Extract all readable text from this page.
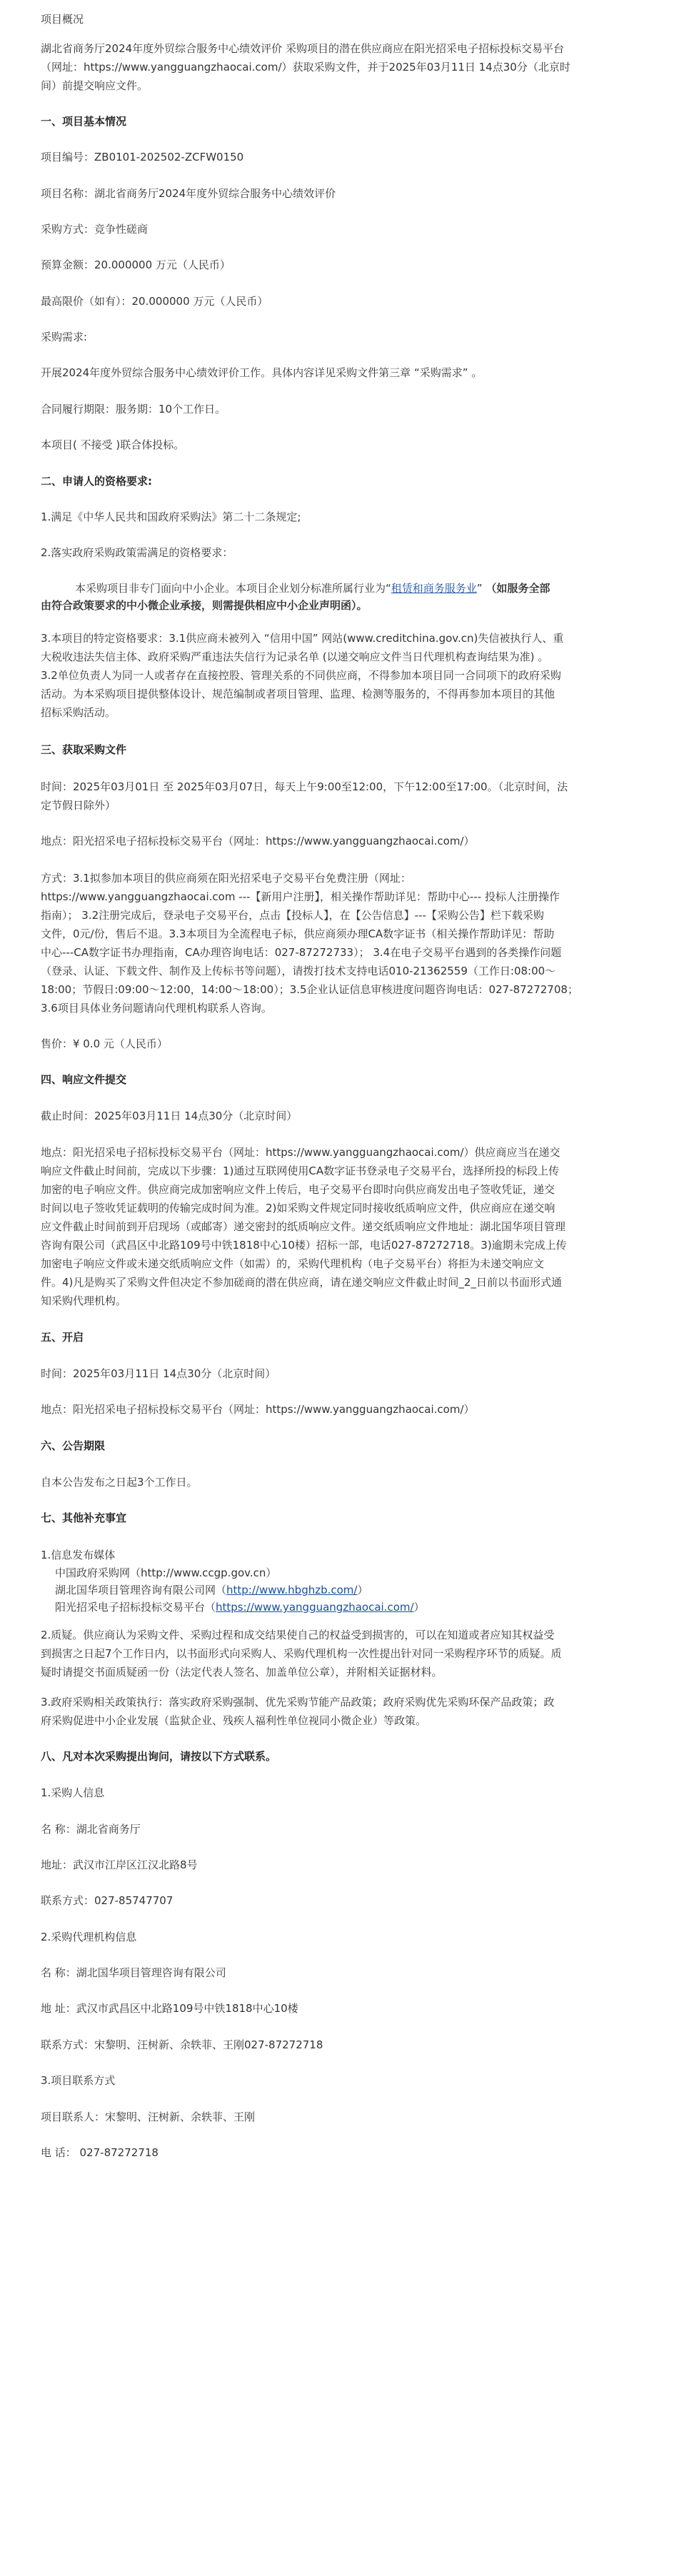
项目概况
湖北省商务厅2024年度外贸综合服务中心绩效评价 采购项目的潜在供应商应在阳光招采电子招标投标交易平台
（网址：https://www.yangguangzhaocai.com/）获取采购文件，并于2025年03月11日 14点30分（北京时
间）前提交响应文件。
一、项目基本情况
项目编号：ZB0101-202502-ZCFW0150
项目名称：湖北省商务厅2024年度外贸综合服务中心绩效评价
采购方式：竞争性磋商
预算金额：20.000000 万元（人民币）
最高限价（如有）：20.000000 万元（人民币）
采购需求:
开展2024年度外贸综合服务中心绩效评价工作。具体内容详见采购文件第三章 “采购需求” 。
合同履行期限：服务期：10个工作日。
本项目( 不接受 )联合体投标。
二、申请人的资格要求:
1.满足《中华人民共和国政府采购法》第二十二条规定;
2.落实政府采购政策需满足的资格要求：
本采购项目非专门面向中小企业。本项目企业划分标准所属行业为“租赁和商务服务业” （如服务全部
由符合政策要求的中小微企业承接，则需提供相应中小企业声明函）。
3.本项目的特定资格要求：3.1供应商未被列入 “信用中国” 网站(www.creditchina.gov.cn)失信被执行人、重
大税收违法失信主体、政府采购严重违法失信行为记录名单 (以递交响应文件当日代理机构查询结果为准) 。
3.2单位负责人为同一人或者存在直接控股、管理关系的不同供应商，不得参加本项目同一合同项下的政府采购
活动。为本采购项目提供整体设计、规范编制或者项目管理、监理、检测等服务的，不得再参加本项目的其他
招标采购活动。
三、获取采购文件
时间：2025年03月01日 至 2025年03月07日，每天上午9:00至12:00，下午12:00至17:00。（北京时间，法
定节假日除外）
地点：阳光招采电子招标投标交易平台（网址：https://www.yangguangzhaocai.com/）
方式：3.1拟参加本项目的供应商须在阳光招采电子交易平台免费注册（网址：
https://www.yangguangzhaocai.com ---【新用户注册】，相关操作帮助详见：帮助中心--- 投标人注册操作
指南）； 3.2注册完成后，登录电子交易平台，点击【投标人】，在【公告信息】---【采购公告】栏下载采购
文件，0元/份，售后不退。3.3本项目为全流程电子标，供应商须办理CA数字证书（相关操作帮助详见：帮助
中心---CA数字证书办理指南，CA办理咨询电话：027-87272733）； 3.4在电子交易平台遇到的各类操作问题
（登录、认证、下载文件、制作及上传标书等问题），请拨打技术支持电话010-21362559（工作日:08:00～
18:00；节假日:09:00～12:00，14:00～18:00）；3.5企业认证信息审核进度问题咨询电话：027-87272708；
3.6项目具体业务问题请向代理机构联系人咨询。
售价：¥ 0.0 元（人民币）
四、响应文件提交
截止时间：2025年03月11日 14点30分（北京时间）
地点：阳光招采电子招标投标交易平台（网址：https://www.yangguangzhaocai.com/）供应商应当在递交
响应文件截止时间前，完成以下步骤：1)通过互联网使用CA数字证书登录电子交易平台，选择所投的标段上传
加密的电子响应文件。供应商完成加密响应文件上传后，电子交易平台即时向供应商发出电子签收凭证，递交
时间以电子签收凭证载明的传输完成时间为准。2)如采购文件规定同时接收纸质响应文件，供应商应在递交响
应文件截止时间前到开启现场（或邮寄）递交密封的纸质响应文件。递交纸质响应文件地址：湖北国华项目管理
咨询有限公司（武昌区中北路109号中铁1818中心10楼）招标一部，电话027-87272718。3)逾期未完成上传
加密电子响应文件或未递交纸质响应文件（如需）的，采购代理机构（电子交易平台）将拒为未递交响应文
件。4)凡是购买了采购文件但决定不参加磋商的潜在供应商，请在递交响应文件截止时间_2_日前以书面形式通
知采购代理机构。
五、开启
时间：2025年03月11日 14点30分（北京时间）
地点：阳光招采电子招标投标交易平台（网址：https://www.yangguangzhaocai.com/）
六、公告期限
自本公告发布之日起3个工作日。
七、其他补充事宜
1.信息发布媒体
中国政府采购网（http://www.ccgp.gov.cn）
湖北国华项目管理咨询有限公司网（http://www.hbghzb.com/）
阳光招采电子招标投标交易平台（https://www.yangguangzhaocai.com/）
2.质疑。供应商认为采购文件、采购过程和成交结果使自己的权益受到损害的，可以在知道或者应知其权益受
到损害之日起7个工作日内，以书面形式向采购人、采购代理机构一次性提出针对同一采购程序环节的质疑。质
疑时请提交书面质疑函一份（法定代表人签名、加盖单位公章），并附相关证据材料。
3.政府采购相关政策执行：落实政府采购强制、优先采购节能产品政策；政府采购优先采购环保产品政策；政
府采购促进中小企业发展（监狱企业、残疾人福利性单位视同小微企业）等政策。
八、凡对本次采购提出询问，请按以下方式联系。
1.采购人信息
名 称：湖北省商务厅
地址：武汉市江岸区江汉北路8号
联系方式：027-85747707
2.采购代理机构信息
名 称：湖北国华项目管理咨询有限公司
地 址：武汉市武昌区中北路109号中铁1818中心10楼
联系方式：宋黎明、汪树新、余轶菲、王刚027-87272718
3.项目联系方式
项目联系人：宋黎明、汪树新、余轶菲、王刚
电 话： 027-87272718
